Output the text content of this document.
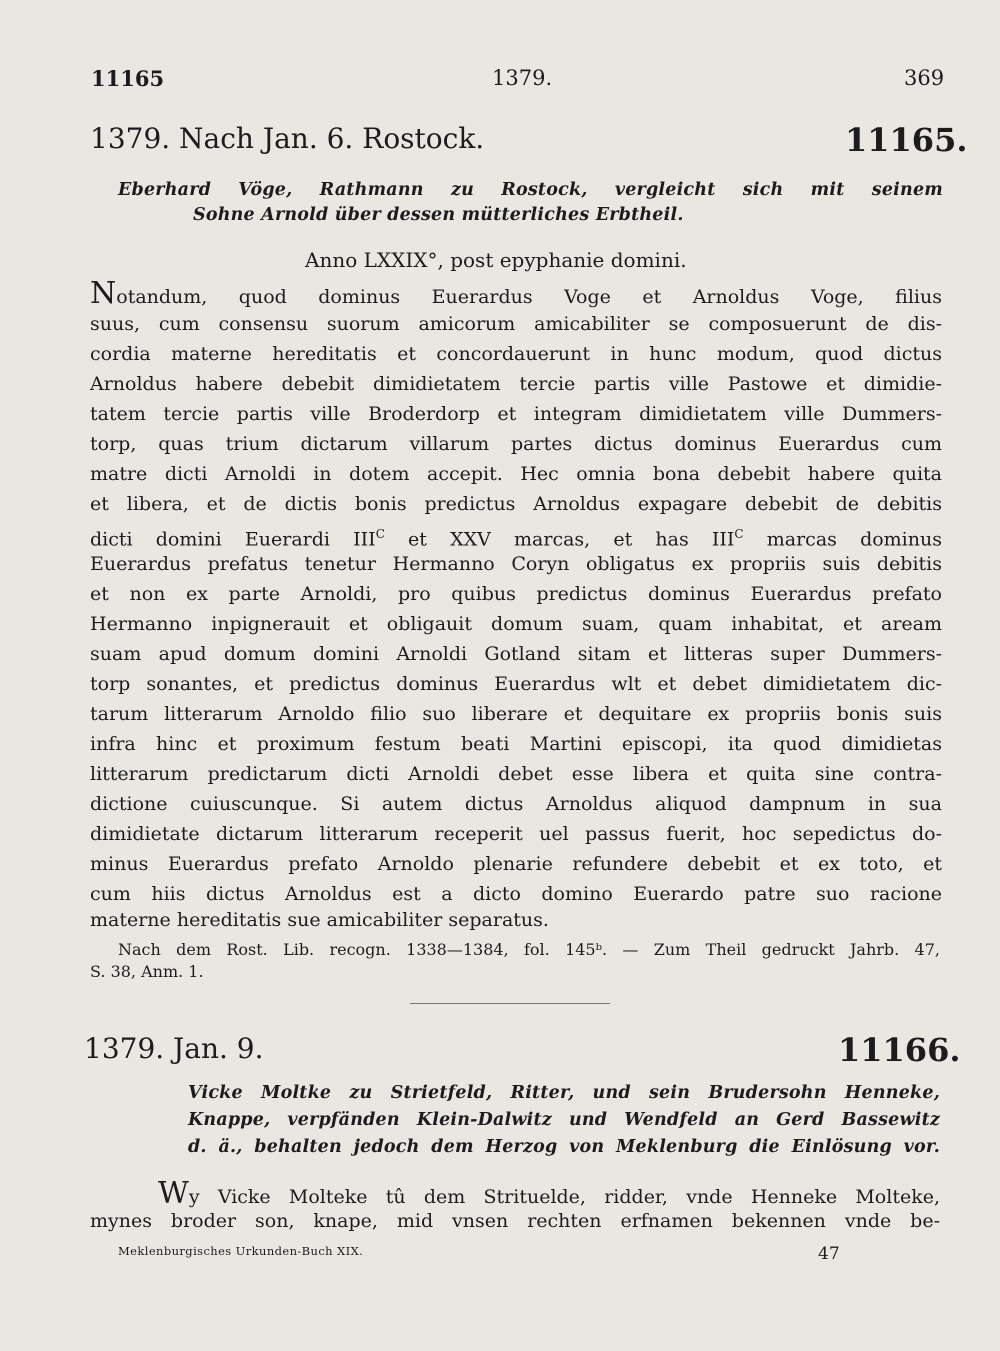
11165	1379.	369
1379. Nach Jan. 6. Rostock.	11165.
Eberhard Vöge, Rathmann zu Rostock, vergleicht sich mit seinem
Sohne Arnold über dessen mütterliches Erbtheil.
Anno LXXIX°, post epyphanie domini.
Notandum, quod dominus Euerardus Voge et Arnoldus Voge, filius
suus, cum consensu suorum amicorum amicabiliter se composuerunt de dis-
cordia materne hereditatis et concordauerunt in hunc modum, quod dictus
Arnoldus habere debebit dimidietatem tercie partis ville Pastowe et dimidie-
tatem tercie partis ville Broderdorp et integram dimidietatem ville Dummers-
torp, quas trium dictarum villarum partes dictus dominus Euerardus cum
matre dicti Arnoldi in dotem accepit. Hec omnia bona debebit habere quita
et libera, et de dictis bonis predictus Arnoldus expagare debebit de debitis
dicti domini Euerardi $III^C$ et XXV marcas, et has $III^C$ marcas dominus
Euerardus prefatus tenetur Hermanno Coryn obligatus ex propriis suis debitis
et non ex parte Arnoldi, pro quibus predictus dominus Euerardus prefato
Hermanno inpignerauit et obligauit domum suam, quam inhabitat, et aream
suam apud domum domini Arnoldi Gotland sitam et litteras super Dummers-
torp sonantes, et predictus dominus Euerardus wlt et debet dimidietatem dic-
tarum litterarum Arnoldo filio suo liberare et dequitare ex propriis bonis suis
infra hinc et proximum festum beati Martini episcopi, ita quod dimidietas
litterarum predictarum dicti Arnoldi debet esse libera et quita sine contra-
dictione cuiuscunque. Si autem dictus Arnoldus aliquod dampnum in sua
dimidietate dictarum litterarum receperit uel passus fuerit, hoc sepedictus do-
minus Euerardus prefato Arnoldo plenarie refundere debebit et ex toto, et
cum hiis dictus Arnoldus est a dicto domino Euerardo patre suo racione
materne hereditatis sue amicabiliter separatus.
Nach dem Rost. Lib. recogn. 1338—1384, fol. 145ᵇ. — Zum Theil gedruckt Jahrb. 47,
S. 38, Anm. 1.
1379. Jan. 9.	11166.
Vicke Moltke zu Strietfeld, Ritter, und sein Brudersohn Henneke,
Knappe, verpfänden Klein-Dalwitz und Wendfeld an Gerd Bassewitz
d. ä., behalten jedoch dem Herzog von Meklenburg die Einlösung vor.
Wy Vicke Molteke tû dem Strituelde, ridder, vnde Henneke Molteke,
mynes broder son, knape, mid vnsen rechten erfnamen bekennen vnde be-
Meklenburgisches Urkunden-Buch XIX.	47
